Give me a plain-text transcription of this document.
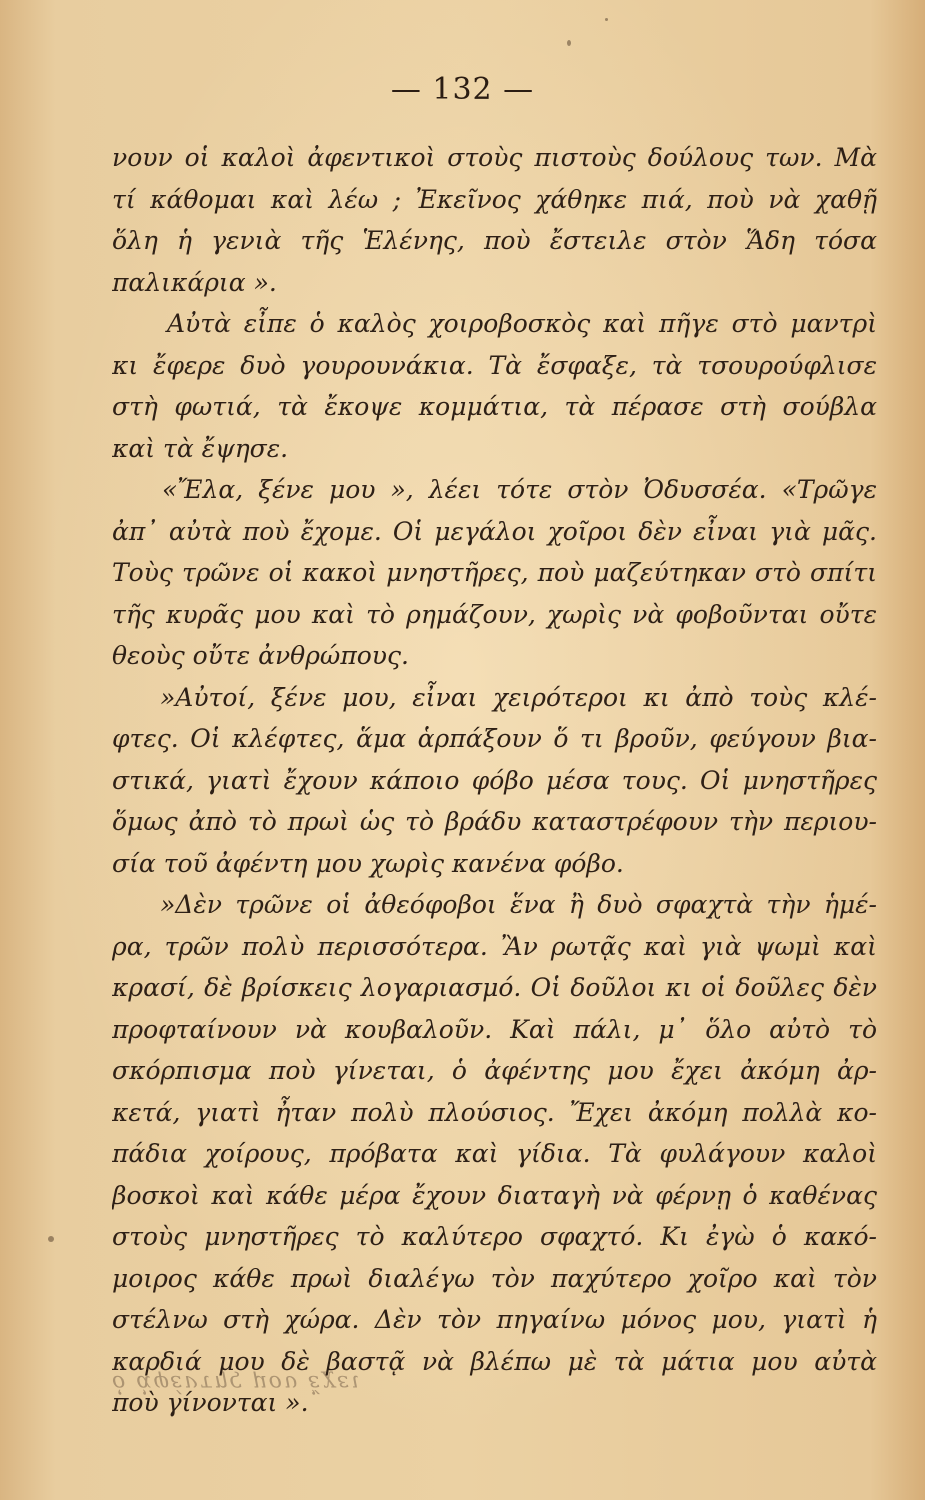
— 132 —
νουν οἱ καλοὶ ἀφεντικοὶ στοὺς πιστοὺς δούλους των. Μὰ
τί κάθομαι καὶ λέω ; Ἐκεῖνος χάθηκε πιά, ποὺ νὰ χαθῇ
ὅλη ἡ γενιὰ τῆς Ἑλένης, ποὺ ἔστειλε στὸν Ἅδη τόσα
παλικάρια ».
Αὐτὰ εἶπε ὁ καλὸς χοιροβοσκὸς καὶ πῆγε στὸ μαντρὶ
κι ἔφερε δυὸ γουρουνάκια. Τὰ ἔσφαξε, τὰ τσουρούφλισε
στὴ φωτιά, τὰ ἔκοψε κομμάτια, τὰ πέρασε στὴ σούβλα
καὶ τὰ ἔψησε.
«Ἔλα, ξένε μου », λέει τότε στὸν Ὀδυσσέα. «Τρῶγε
ἀπ᾿ αὐτὰ ποὺ ἔχομε. Οἱ μεγάλοι χοῖροι δὲν εἶναι γιὰ μᾶς.
Τοὺς τρῶνε οἱ κακοὶ μνηστῆρες, ποὺ μαζεύτηκαν στὸ σπίτι
τῆς κυρᾶς μου καὶ τὸ ρημάζουν, χωρὶς νὰ φοβοῦνται οὔτε
θεοὺς οὔτε ἀνθρώπους.
»Αὐτοί, ξένε μου, εἶναι χειρότεροι κι ἀπὸ τοὺς κλέ-
φτες. Οἱ κλέφτες, ἅμα ἁρπάξουν ὅ τι βροῦν, φεύγουν βια-
στικά, γιατὶ ἔχουν κάποιο φόβο μέσα τους. Οἱ μνηστῆρες
ὅμως ἀπὸ τὸ πρωὶ ὡς τὸ βράδυ καταστρέφουν τὴν περιου-
σία τοῦ ἀφέντη μου χωρὶς κανένα φόβο.
»Δὲν τρῶνε οἱ ἀθεόφοβοι ἕνα ἢ δυὸ σφαχτὰ τὴν ἡμέ-
ρα, τρῶν πολὺ περισσότερα. Ἂν ρωτᾷς καὶ γιὰ ψωμὶ καὶ
κρασί, δὲ βρίσκεις λογαριασμό. Οἱ δοῦλοι κι οἱ δοῦλες δὲν
προφταίνουν νὰ κουβαλοῦν. Καὶ πάλι, μ᾿ ὅλο αὐτὸ τὸ
σκόρπισμα ποὺ γίνεται, ὁ ἀφέντης μου ἔχει ἀκόμη ἀρ-
κετά, γιατὶ ἦταν πολὺ πλούσιος. Ἔχει ἀκόμη πολλὰ κο-
πάδια χοίρους, πρόβατα καὶ γίδια. Τὰ φυλάγουν καλοὶ
βοσκοὶ καὶ κάθε μέρα ἔχουν διαταγὴ νὰ φέρνῃ ὁ καθένας
στοὺς μνηστῆρες τὸ καλύτερο σφαχτό. Κι ἐγὼ ὁ κακό-
μοιρος κάθε πρωὶ διαλέγω τὸν παχύτερο χοῖρο καὶ τὸν
στέλνω στὴ χώρα. Δὲν τὸν πηγαίνω μόνος μου, γιατὶ ἡ
καρδιά μου δὲ βαστᾷ νὰ βλέπω μὲ τὰ μάτια μου αὐτὰ
ποὺ γίνονται ».
ὁ ἀφέντης μου ἔχει
